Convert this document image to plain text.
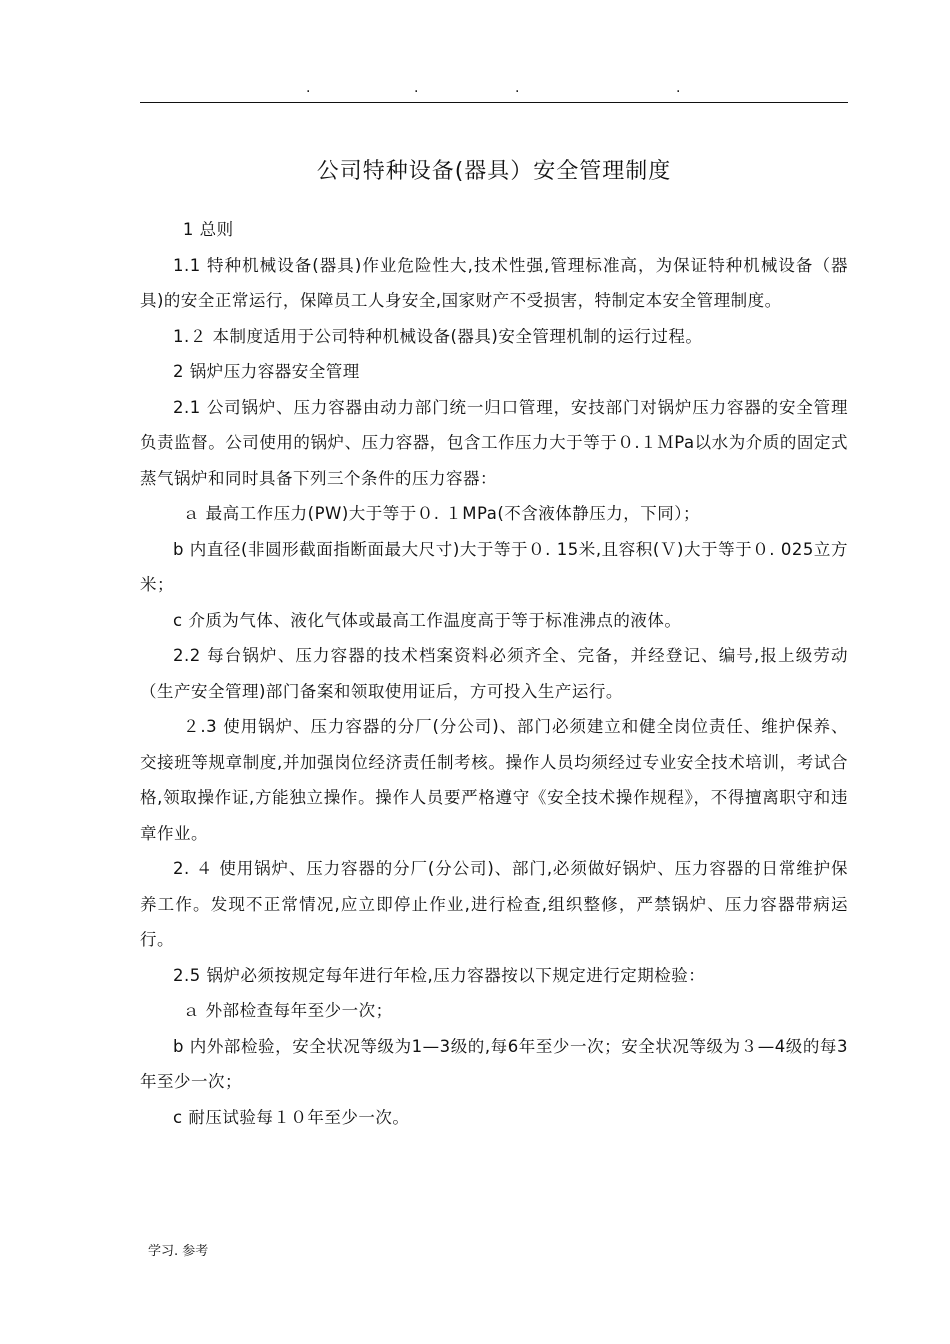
.	.	.	.
公司特种设备(器具）安全管理制度

1 总则

1.1 特种机械设备(器具)作业危险性大,技术性强,管理标准高，为保证特种机械设备（器具)的安全正常运行，保障员工人身安全,国家财产不受损害，特制定本安全管理制度。

1.２ 本制度适用于公司特种机械设备(器具)安全管理机制的运行过程。

2 锅炉压力容器安全管理

2.1 公司锅炉、压力容器由动力部门统一归口管理，安技部门对锅炉压力容器的安全管理负责监督。公司使用的锅炉、压力容器，包含工作压力大于等于０.１ＭPa以水为介质的固定式蒸气锅炉和同时具备下列三个条件的压力容器：

ａ 最高工作压力(PW)大于等于０. １MPa(不含液体静压力，下同）；

b 内直径(非圆形截面指断面最大尺寸)大于等于０. 15米,且容积(Ｖ)大于等于０. 025立方米；

c 介质为气体、液化气体或最高工作温度高于等于标准沸点的液体。

2.2 每台锅炉、压力容器的技术档案资料必须齐全、完备，并经登记、编号,报上级劳动（生产安全管理)部门备案和领取使用证后，方可投入生产运行。

２.3 使用锅炉、压力容器的分厂(分公司)、部门必须建立和健全岗位责任、维护保养、交接班等规章制度,并加强岗位经济责任制考核。操作人员均须经过专业安全技术培训，考试合格,领取操作证,方能独立操作。操作人员要严格遵守《安全技术操作规程》，不得擅离职守和违章作业。

2. ４ 使用锅炉、压力容器的分厂(分公司)、部门,必须做好锅炉、压力容器的日常维护保养工作。发现不正常情况,应立即停止作业,进行检查,组织整修，严禁锅炉、压力容器带病运行。

2.5 锅炉必须按规定每年进行年检,压力容器按以下规定进行定期检验：

ａ 外部检查每年至少一次；

b 内外部检验，安全状况等级为1—3级的,每6年至少一次；安全状况等级为３—4级的每3年至少一次；

c 耐压试验每１０年至少一次。

学习. 参考
